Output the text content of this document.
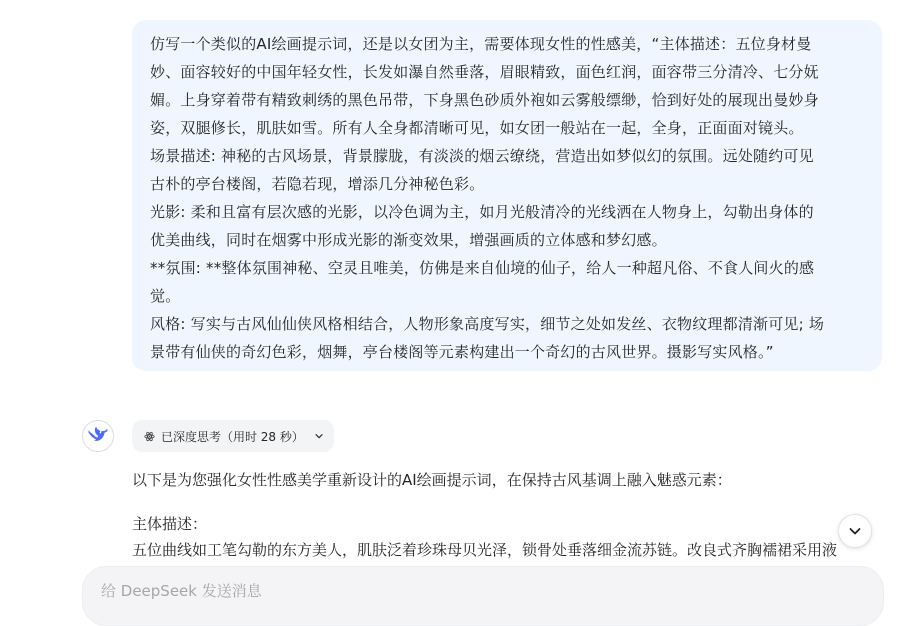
仿写一个类似的AI绘画提示词，还是以女团为主，需要体现女性的性感美，“主体描述：五位身材曼

妙、面容较好的中国年轻女性，长发如瀑自然垂落，眉眼精致，面色红润，面容带三分清冷、七分妩

媚。上身穿着带有精致刺绣的黑色吊带，下身黑色砂质外袍如云雾般缥缈，恰到好处的展现出曼妙身

姿，双腿修长，肌肤如雪。所有人全身都清晰可见，如女团一般站在一起，全身，正面面对镜头。

场景描述: 神秘的古风场景，背景朦胧，有淡淡的烟云缭绕，营造出如梦似幻的氛围。远处随约可见

古朴的亭台楼阁，若隐若现，增添几分神秘色彩。

光影: 柔和且富有层次感的光影，以冷色调为主，如月光般清冷的光线洒在人物身上，勾勒出身体的

优美曲线，同时在烟雾中形成光影的渐变效果，增强画质的立体感和梦幻感。

**氛围: **整体氛围神秘、空灵且唯美，仿佛是来自仙境的仙子，给人一种超凡俗、不食人间火的感

觉。

风格: 写实与古风仙仙侠风格相结合，人物形象高度写实，细节之处如发丝、衣物纹理都清渐可见; 场

景带有仙侠的奇幻色彩，烟舞，亭台楼阁等元素构建出一个奇幻的古风世界。摄影写实风格。”

已深度思考（用时 28 秒）

以下是为您强化女性性感美学重新设计的AI绘画提示词，在保持古风基调上融入魅惑元素：

主体描述：

五位曲线如工笔勾勒的东方美人，肌肤泛着珍珠母贝光泽，锁骨处垂落细金流苏链。改良式齐胸襦裙采用液

给 DeepSeek 发送消息
